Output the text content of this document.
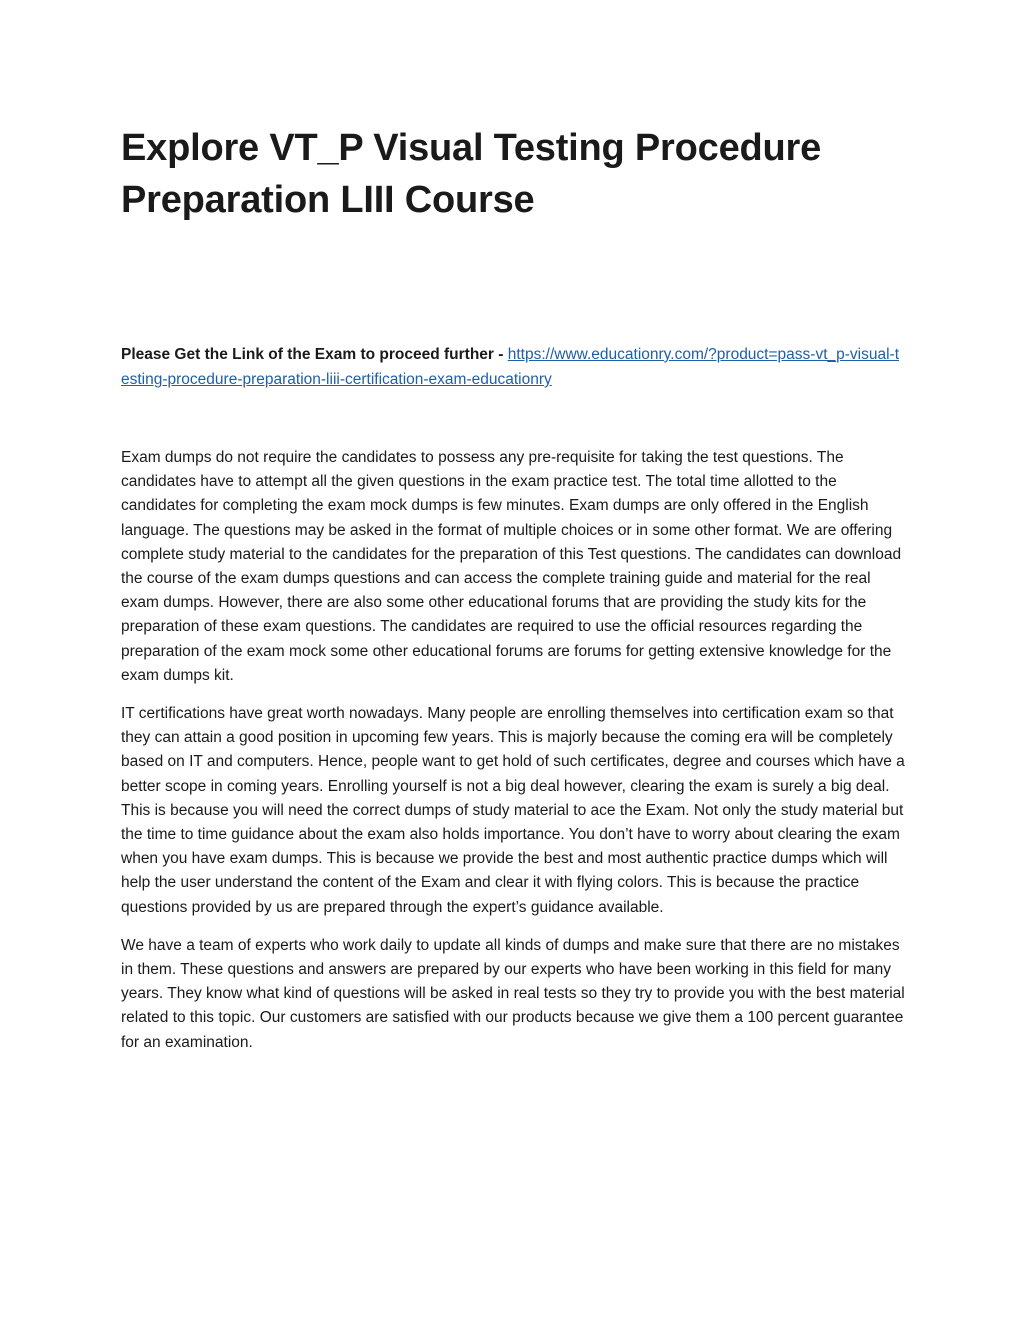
Explore VT_P Visual Testing Procedure Preparation LIII Course
Please Get the Link of the Exam to proceed further - https://www.educationry.com/?product=pass-vt_p-visual-testing-procedure-preparation-liii-certification-exam-educationry

Exam dumps do not require the candidates to possess any pre-requisite for taking the test questions. The candidates have to attempt all the given questions in the exam practice test. The total time allotted to the candidates for completing the exam mock dumps is few minutes. Exam dumps are only offered in the English language. The questions may be asked in the format of multiple choices or in some other format. We are offering complete study material to the candidates for the preparation of this Test questions. The candidates can download the course of the exam dumps questions and can access the complete training guide and material for the real exam dumps. However, there are also some other educational forums that are providing the study kits for the preparation of these exam questions. The candidates are required to use the official resources regarding the preparation of the exam mock some other educational forums are forums for getting extensive knowledge for the exam dumps kit.

IT certifications have great worth nowadays. Many people are enrolling themselves into certification exam so that they can attain a good position in upcoming few years. This is majorly because the coming era will be completely based on IT and computers. Hence, people want to get hold of such certificates, degree and courses which have a better scope in coming years. Enrolling yourself is not a big deal however, clearing the exam is surely a big deal. This is because you will need the correct dumps of study material to ace the Exam. Not only the study material but the time to time guidance about the exam also holds importance. You don’t have to worry about clearing the exam when you have exam dumps. This is because we provide the best and most authentic practice dumps which will help the user understand the content of the Exam and clear it with flying colors. This is because the practice questions provided by us are prepared through the expert’s guidance available.

We have a team of experts who work daily to update all kinds of dumps and make sure that there are no mistakes in them. These questions and answers are prepared by our experts who have been working in this field for many years. They know what kind of questions will be asked in real tests so they try to provide you with the best material related to this topic. Our customers are satisfied with our products because we give them a 100 percent guarantee for an examination.
